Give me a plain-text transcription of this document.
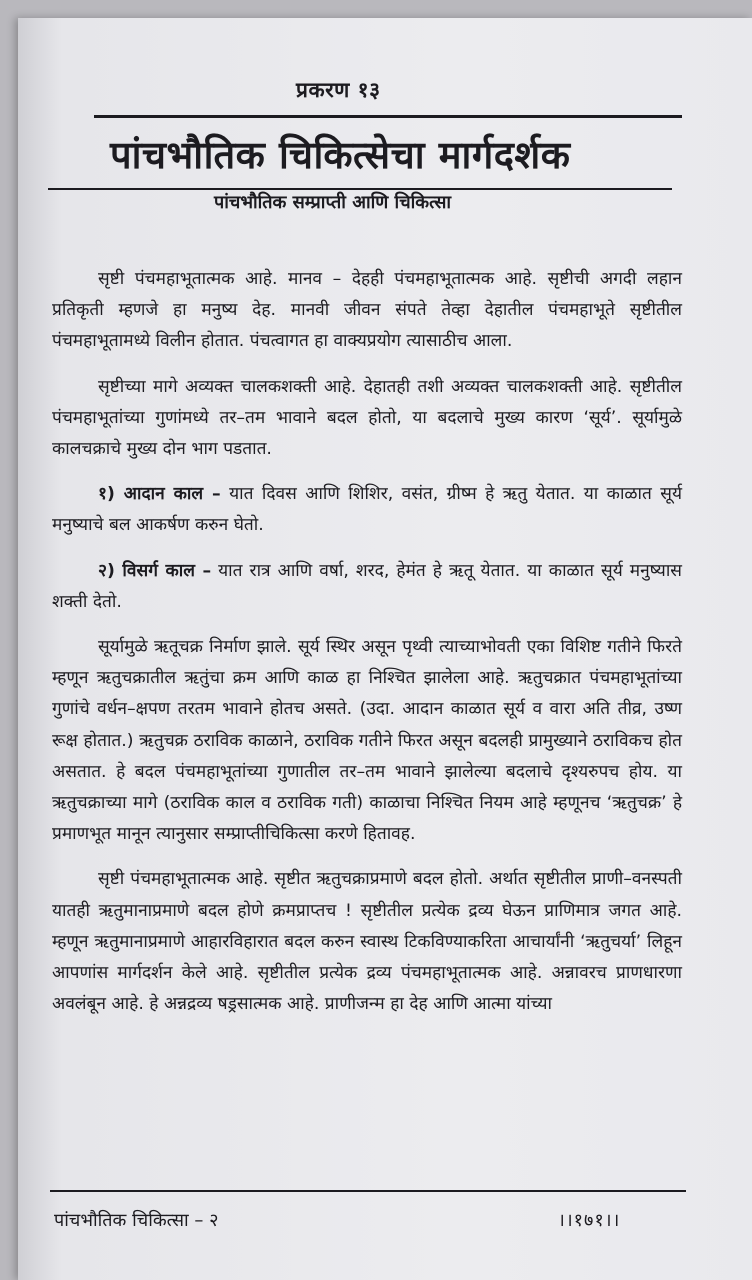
प्रकरण १३
पांचभौतिक चिकित्सेचा मार्गदर्शक
पांचभौतिक सम्प्राप्ती आणि चिकित्सा

सृष्टी पंचमहाभूतात्मक आहे. मानव – देहही पंचमहाभूतात्मक आहे. सृष्टीची अगदी लहान प्रतिकृती म्हणजे हा मनुष्य देह. मानवी जीवन संपते तेव्हा देहातील पंचमहाभूते सृष्टीतील पंचमहाभूतामध्ये विलीन होतात. पंचत्वागत हा वाक्यप्रयोग त्यासाठीच आला.

सृष्टीच्या मागे अव्यक्त चालकशक्ती आहे. देहातही तशी अव्यक्त चालकशक्ती आहे. सृष्टीतील पंचमहाभूतांच्या गुणांमध्ये तर–तम भावाने बदल होतो, या बदलाचे मुख्य कारण ‘सूर्य’. सूर्यामुळे कालचक्राचे मुख्य दोन भाग पडतात.

१) आदान काल – यात दिवस आणि शिशिर, वसंत, ग्रीष्म हे ऋतु येतात. या काळात सूर्य मनुष्याचे बल आकर्षण करुन घेतो.

२) विसर्ग काल – यात रात्र आणि वर्षा, शरद, हेमंत हे ऋतू येतात. या काळात सूर्य मनुष्यास शक्ती देतो.

सूर्यामुळे ऋतूचक्र निर्माण झाले. सूर्य स्थिर असून पृथ्वी त्याच्याभोवती एका विशिष्ट गतीने फिरते म्हणून ऋतुचक्रातील ऋतुंचा क्रम आणि काळ हा निश्चित झालेला आहे. ऋतुचक्रात पंचमहाभूतांच्या गुणांचे वर्धन–क्षपण तरतम भावाने होतच असते. (उदा. आदान काळात सूर्य व वारा अति तीव्र, उष्ण रूक्ष होतात.) ऋतुचक्र ठराविक काळाने, ठराविक गतीने फिरत असून बदलही प्रामुख्याने ठराविकच होत असतात. हे बदल पंचमहाभूतांच्या गुणातील तर–तम भावाने झालेल्या बदलाचे दृश्यरुपच होय. या ऋतुचक्राच्या मागे (ठराविक काल व ठराविक गती) काळाचा निश्चित नियम आहे म्हणूनच ‘ऋतुचक्र’ हे प्रमाणभूत मानून त्यानुसार सम्प्राप्तीचिकित्सा करणे हितावह.

सृष्टी पंचमहाभूतात्मक आहे. सृष्टीत ऋतुचक्राप्रमाणे बदल होतो. अर्थात सृष्टीतील प्राणी–वनस्पती यातही ऋतुमानाप्रमाणे बदल होणे क्रमप्राप्तच ! सृष्टीतील प्रत्येक द्रव्य घेऊन प्राणिमात्र जगत आहे. म्हणून ऋतुमानाप्रमाणे आहारविहारात बदल करुन स्वास्थ टिकविण्याकरिता आचार्यांनी ‘ऋतुचर्या’ लिहून आपणांस मार्गदर्शन केले आहे. सृष्टीतील प्रत्येक द्रव्य पंचमहाभूतात्मक आहे. अन्नावरच प्राणधारणा अवलंबून आहे. हे अन्नद्रव्य षड्रसात्मक आहे. प्राणीजन्म हा देह आणि आत्मा यांच्या

पांचभौतिक चिकित्सा – २	।।१७१।।
